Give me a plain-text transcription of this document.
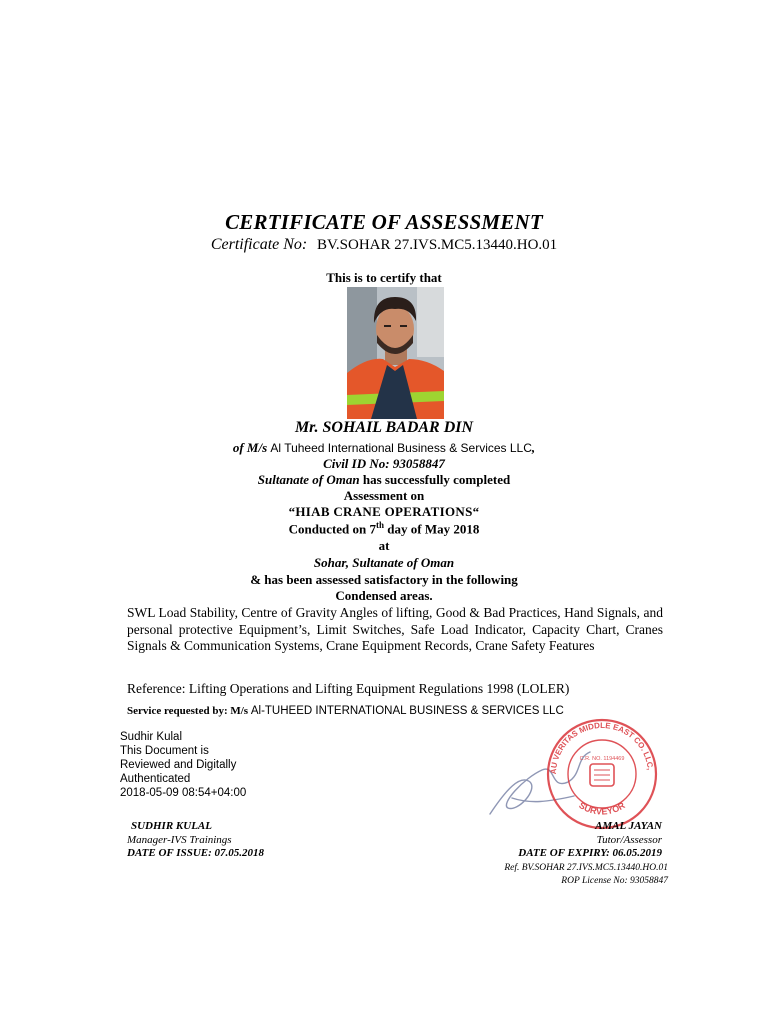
CERTIFICATE OF ASSESSMENT
Certificate No: BV.SOHAR 27.IVS.MC5.13440.HO.01
This is to certify that
Mr. SOHAIL BADAR DIN
of M/s Al Tuheed International Business & Services LLC,
Civil ID No: 93058847
Sultanate of Oman has successfully completed
Assessment on
“HIAB CRANE OPERATIONS“
Conducted on 7th day of May 2018
at
Sohar, Sultanate of Oman
& has been assessed satisfactory in the following
Condensed areas.
SWL Load Stability, Centre of Gravity Angles of lifting, Good & Bad Practices, Hand Signals, and personal protective Equipment’s, Limit Switches, Safe Load Indicator, Capacity Chart, Cranes Signals & Communication Systems, Crane Equipment Records, Crane Safety Features
Reference: Lifting Operations and Lifting Equipment Regulations 1998 (LOLER)
Service requested by: M/s Al-TUHEED INTERNATIONAL BUSINESS & SERVICES LLC
Sudhir Kulal
This Document is
Reviewed and Digitally
Authenticated
2018-05-09 08:54+04:00
AU VERITAS MIDDLE EAST CO. LLC,
SURVEYOR
C.R. NO. 1194469
SUDHIR KULAL
Manager-IVS Trainings
DATE OF ISSUE: 07.05.2018
AMAL JAYAN
Tutor/Assessor
DATE OF EXPIRY: 06.05.2019
Ref. BV.SOHAR 27.IVS.MC5.13440.HO.01
ROP License No: 93058847
